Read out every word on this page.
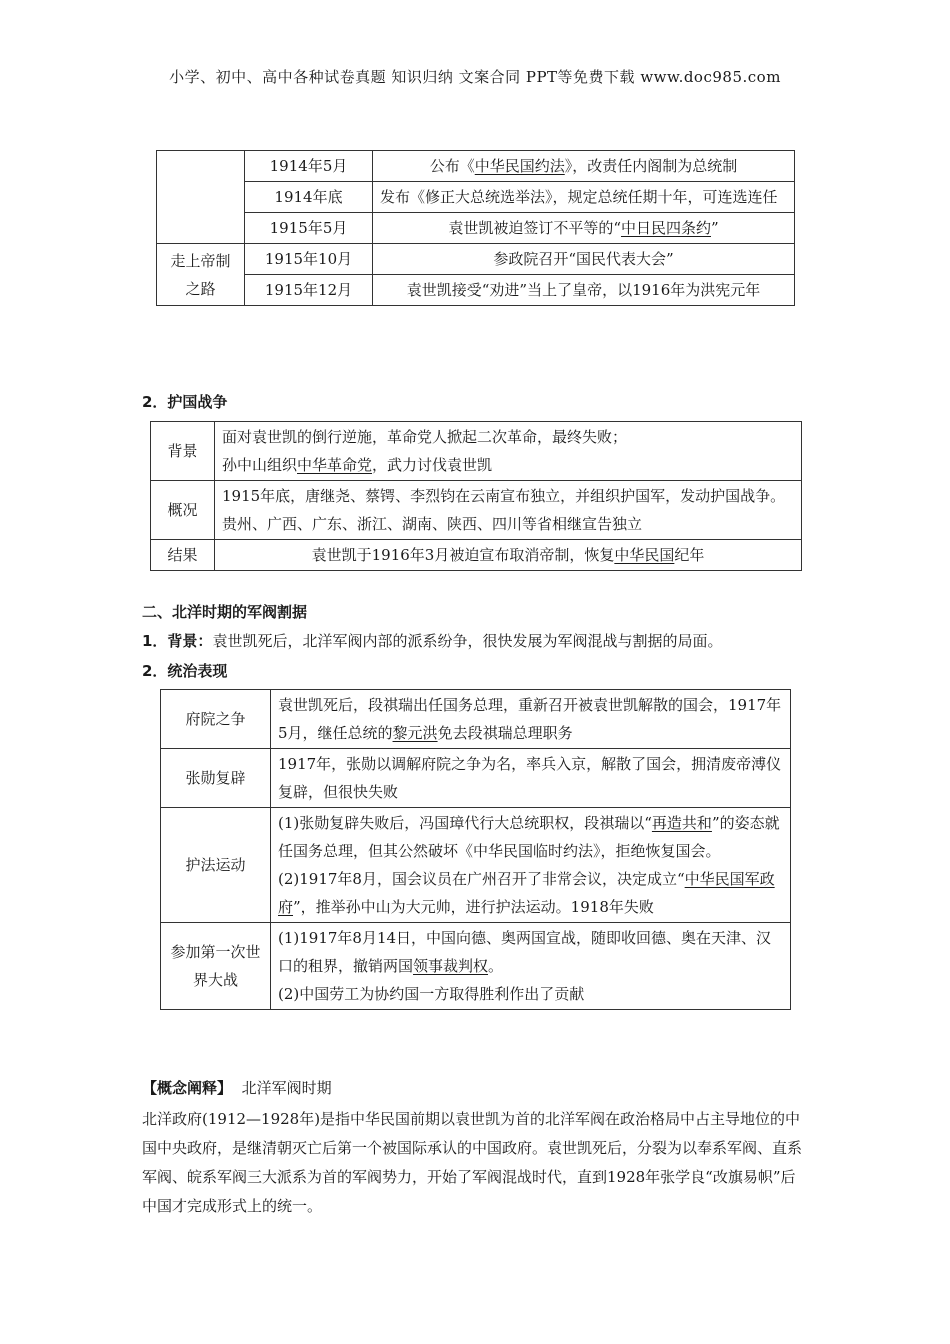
小学、初中、高中各种试卷真题 知识归纳 文案合同 PPT等免费下载 www.doc985.com
	1914年5月	公布《中华民国约法》，改责任内阁制为总统制
	1914年底	发布《修正大总统选举法》，规定总统任期十年，可连选连任
	1915年5月	袁世凯被迫签订不平等的“中日民四条约”
走上帝制之路	1915年10月	参政院召开“国民代表大会”
	1915年12月	袁世凯接受“劝进”当上了皇帝，以1916年为洪宪元年
2．护国战争
背景	面对袁世凯的倒行逆施，革命党人掀起二次革命，最终失败；
孙中山组织中华革命党，武力讨伐袁世凯

概况	1915年底，唐继尧、蔡锷、李烈钧在云南宣布独立，并组织护国军，发动护国战争。贵州、广西、广东、浙江、湖南、陕西、四川等省相继宣告独立
结果	袁世凯于1916年3月被迫宣布取消帝制，恢复中华民国纪年
二、北洋时期的军阀割据
1．背景：袁世凯死后，北洋军阀内部的派系纷争，很快发展为军阀混战与割据的局面。
2．统治表现
府院之争	袁世凯死后，段祺瑞出任国务总理，重新召开被袁世凯解散的国会，1917年5月，继任总统的黎元洪免去段祺瑞总理职务
张勋复辟	1917年，张勋以调解府院之争为名，率兵入京，解散了国会，拥清废帝溥仪复辟，但很快失败
护法运动	(1)张勋复辟失败后，冯国璋代行大总统职权，段祺瑞以“再造共和”的姿态就任国务总理，但其公然破坏《中华民国临时约法》，拒绝恢复国会。
(2)1917年8月，国会议员在广州召开了非常会议，决定成立“中华民国军政府”，推举孙中山为大元帅，进行护法运动。1918年失败

参加第一次世界大战	(1)1917年8月14日，中国向德、奥两国宣战，随即收回德、奥在天津、汉口的租界，撤销两国领事裁判权。
(2)中国劳工为协约国一方取得胜利作出了贡献
【概念阐释】 北洋军阀时期
北洋政府(1912—1928年)是指中华民国前期以袁世凯为首的北洋军阀在政治格局中占主导地位的中国中央政府，是继清朝灭亡后第一个被国际承认的中国政府。袁世凯死后，分裂为以奉系军阀、直系军阀、皖系军阀三大派系为首的军阀势力，开始了军阀混战时代，直到1928年张学良“改旗易帜”后中国才完成形式上的统一。
